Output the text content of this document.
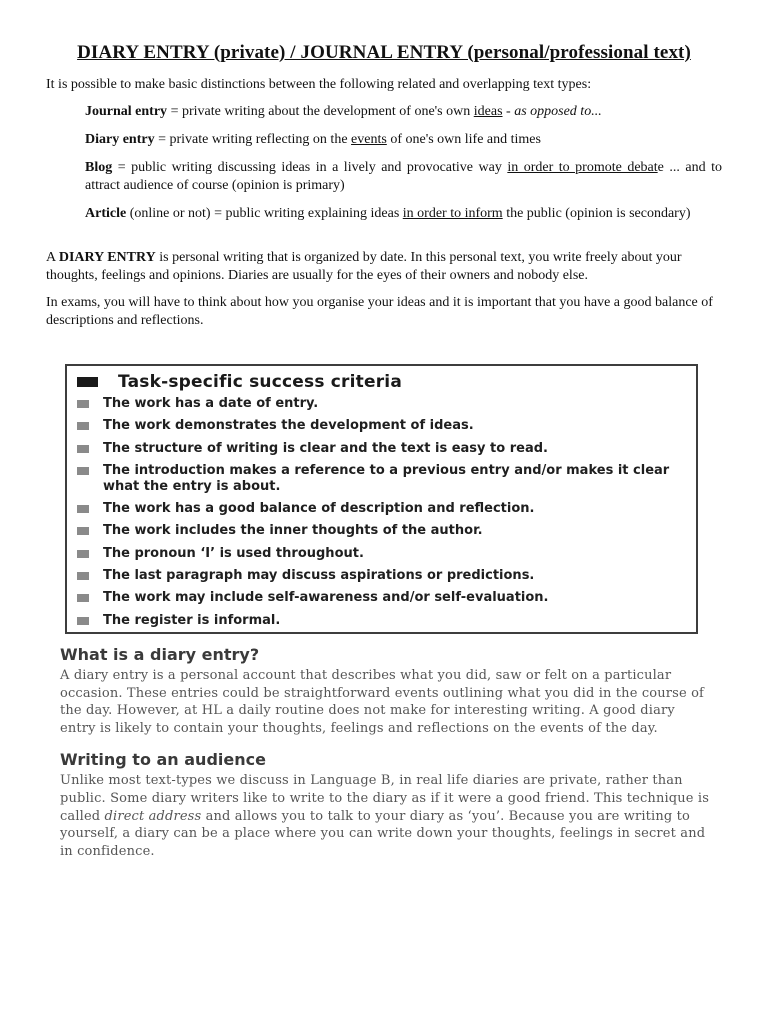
DIARY ENTRY (private) / JOURNAL ENTRY (personal/professional text)

It is possible to make basic distinctions between the following related and overlapping text types:

Journal entry = private writing about the development of one's own ideas - as opposed to...

Diary entry = private writing reflecting on the events of one's own life and times

Blog = public writing discussing ideas in a lively and provocative way in order to promote debate ... and to attract audience of course (opinion is primary)

Article (online or not) = public writing explaining ideas in order to inform the public (opinion is secondary)

A DIARY ENTRY is personal writing that is organized by date. In this personal text, you write freely about your thoughts, feelings and opinions. Diaries are usually for the eyes of their owners and nobody else.

In exams, you will have to think about how you organise your ideas and it is important that you have a good balance of descriptions and reflections.

Task-specific success criteria
The work has a date of entry.
The work demonstrates the development of ideas.
The structure of writing is clear and the text is easy to read.
The introduction makes a reference to a previous entry and/or makes it clear what the entry is about.
The work has a good balance of description and reflection.
The work includes the inner thoughts of the author.
The pronoun ‘I’ is used throughout.
The last paragraph may discuss aspirations or predictions.
The work may include self-awareness and/or self-evaluation.
The register is informal.
What is a diary entry?

A diary entry is a personal account that describes what you did, saw or felt on a particular occasion. These entries could be straightforward events outlining what you did in the course of the day. However, at HL a daily routine does not make for interesting writing. A good diary entry is likely to contain your thoughts, feelings and reflections on the events of the day.

Writing to an audience

Unlike most text-types we discuss in Language B, in real life diaries are private, rather than public. Some diary writers like to write to the diary as if it were a good friend. This technique is called direct address and allows you to talk to your diary as ‘you’. Because you are writing to yourself, a diary can be a place where you can write down your thoughts, feelings in secret and in confidence.
